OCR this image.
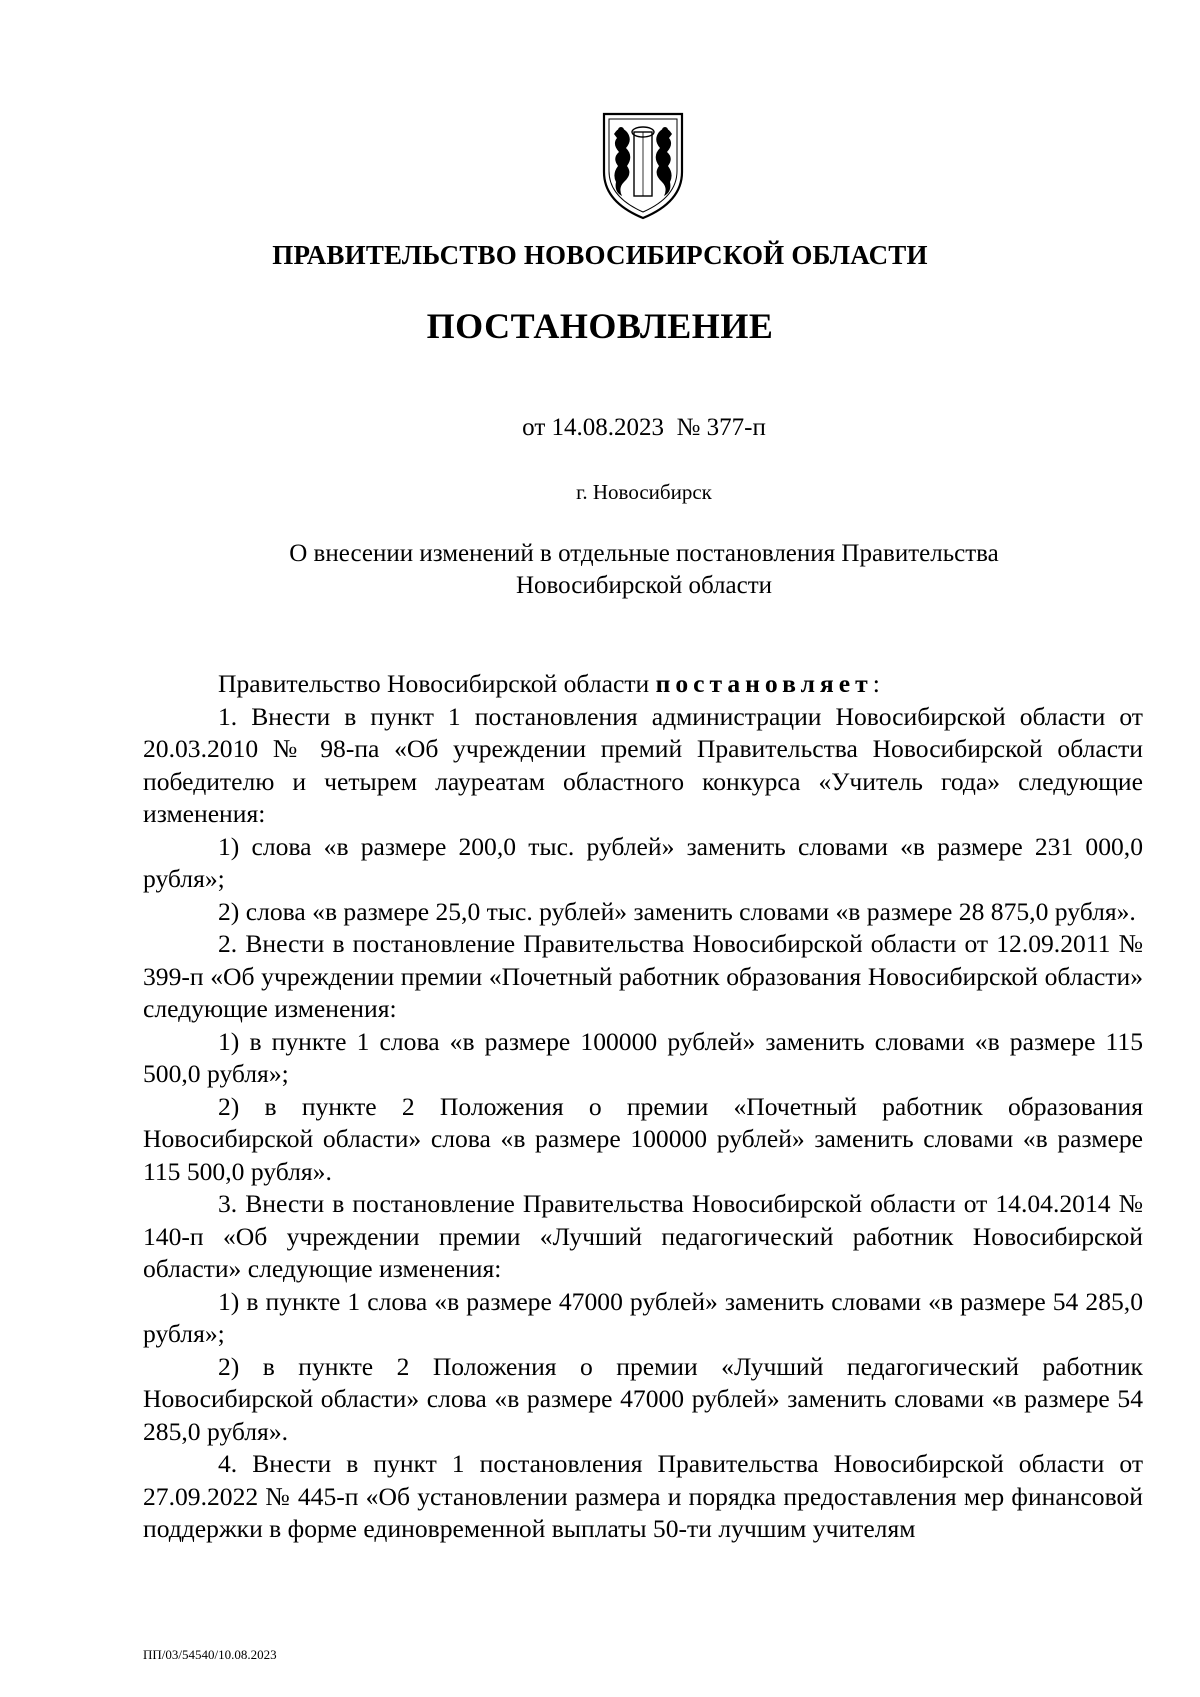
ПРАВИТЕЛЬСТВО НОВОСИБИРСКОЙ ОБЛАСТИ
ПОСТАНОВЛЕНИЕ
от 14.08.2023 № 377-п
г. Новосибирск
О внесении изменений в отдельные постановления Правительства
Новосибирской области

Правительство Новосибирской области постановляет:

1. Внести в пункт 1 постановления администрации Новосибирской области от 20.03.2010 № 98-па «Об учреждении премий Правительства Новосибирской области победителю и четырем лауреатам областного конкурса «Учитель года» следующие изменения:

1) слова «в размере 200,0 тыс. рублей» заменить словами «в размере 231 000,0 рубля»;

2) слова «в размере 25,0 тыс. рублей» заменить словами «в размере 28 875,0 рубля».

2. Внести в постановление Правительства Новосибирской области от 12.09.2011 № 399-п «Об учреждении премии «Почетный работник образования Новосибирской области» следующие изменения:

1) в пункте 1 слова «в размере 100000 рублей» заменить словами «в размере 115 500,0 рубля»;

2) в пункте 2 Положения о премии «Почетный работник образования Новосибирской области» слова «в размере 100000 рублей» заменить словами «в размере 115 500,0 рубля».

3. Внести в постановление Правительства Новосибирской области от 14.04.2014 № 140-п «Об учреждении премии «Лучший педагогический работник Новосибирской области» следующие изменения:

1) в пункте 1 слова «в размере 47000 рублей» заменить словами «в размере 54 285,0 рубля»;

2) в пункте 2 Положения о премии «Лучший педагогический работник Новосибирской области» слова «в размере 47000 рублей» заменить словами «в размере 54 285,0 рубля».

4. Внести в пункт 1 постановления Правительства Новосибирской области от 27.09.2022 № 445-п «Об установлении размера и порядка предоставления мер финансовой поддержки в форме единовременной выплаты 50-ти лучшим учителям

ПП/03/54540/10.08.2023
